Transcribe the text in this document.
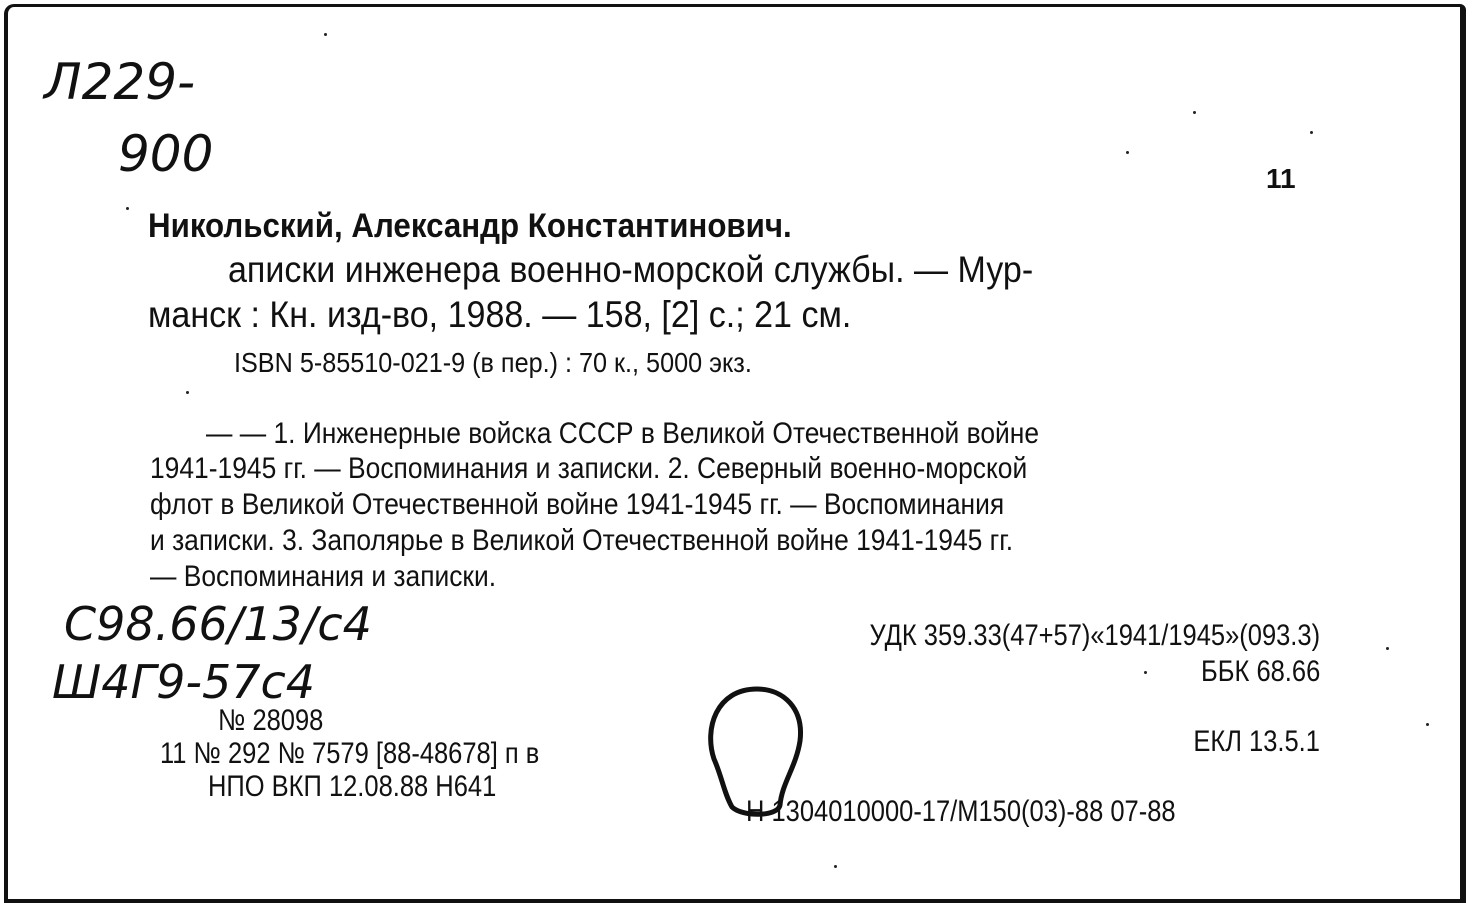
Л229-
900
С98.66/13/с4
Ш4Г9-57с4
11
Никольский, Александр Константинович.
аписки инженера военно-морской службы. — Мур-
манск : Кн. изд-во, 1988. — 158, [2] с.; 21 см.
ISBN 5-85510-021-9 (в пер.) : 70 к., 5000 экз.
— — 1. Инженерные войска СССР в Великой Отечественной войне
1941-1945 гг. — Воспоминания и записки. 2. Северный военно-морской
флот в Великой Отечественной войне 1941-1945 гг. — Воспоминания
и записки. 3. Заполярье в Великой Отечественной войне 1941-1945 гг.
— Воспоминания и записки.
УДК 359.33(47+57)«1941/1945»(093.3)
ББК 68.66
ЕКЛ 13.5.1
№ 28098
11 № 292 № 7579 [88-48678] п в
НПО ВКП 12.08.88 Н641
Н 1304010000-17/М150(03)-88 07-88
